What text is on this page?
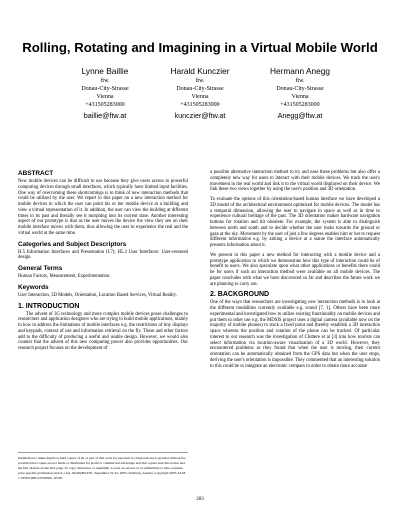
Rolling, Rotating and Imagining in a Virtual Mobile World
Lynne Baillie
ftw.
Donau-City-Strasse
Vienna
+431505283000
baillie@ftw.at
Harald Kunczier
ftw.
Donau-City-Strasse
Vienna
+431505283000
kunczier@ftw.at
Hermann Anegg
ftw.
Donau-City-Strasse
Vienna
+431505283000
Anegg@ftw.at
ABSTRACT

New mobile devices can be difficult to use because they give users access to powerful computing devices through small interfaces, which typically have limited input facilities. One way of overcoming these shortcomings is to think of new interaction methods that could be utilized by the user. We report in this paper on a new interaction method for mobile devices in which the user can point his or her mobile device at a building and view a virtual representation of it. In addition, the user can view the building at different times in its past and literally see it morphing into its current state. Another interesting aspect of our prototype is that as the user moves the device the view they see on their mobile interface moves with them, thus allowing the user to experience the real and the virtual world at the same time.

Categories and Subject Descriptors

H.5 Information Interfaces and Presentation (I.7); H5.2 User Interfaces: User-centered design.

General Terms

Human Factors, Measurement, Experimentation.

Keywords

User Interaction, 3D Models, Orientation, Location Based Services, Virtual Reality.

1. INTRODUCTION

The advent of 3G technology and more complex mobile devices poses challenges to researchers and application designers who are trying to build mobile applications, mainly in how to address the limitations of mobile interfaces e.g. the restrictions of tiny displays and keypads, context of use and information retrieval on the fly. These and other factors add to the difficulty of producing a useful and usable design. However, we would also counter that the advent of this new computing power also provides opportunities. Our research project focuses on the development of

Permission to make digital or hard copies of all or part of this work for personal or classroom use is granted without fee provided that copies are not made or distributed for profit or commercial advantage and that copies bear this notice and the full citation on the first page. To copy otherwise, or republish, to post on servers or to redistribute to lists, requires prior specific permission and/or a fee. MobileHCI'05, September 19-22, 2005, Salzburg, Austria. Copyright 2005 ACM 1-59593-089-2/05/0009...$5.00.

a possible alternative interaction method to try and ease these problems but also offer a completely new way for users to interact with their mobile devices. We track the user's movement in the real world and link it to the virtual world displayed on their device. We link these two views together by using the user's position and 3D orientation.

To evaluate the options of this orientation-based human interface we have developed a 3D model of the architectural environment optimized for mobile devices. The model has a temporal dimension, allowing the user to navigate in space as well as in time to experience cultural heritage of the past. The 3D orientation maker hardware navigation buttons for rotation and tilt obsolete. For example, the system is able to distinguish between north and south and to decide whether the user looks towards the ground or gaze at the sky. Movement by the user of just a few degrees enables him or her to request different information e.g. by aiming a device at a statue the interface automatically presents information about it.

We present in this paper a new method for interacting with a mobile device and a prototype application in which we demonstrate how this type of interaction could be of benefit to users. We also speculate upon what other applications or benefits there could be for users if such an interaction method were available on all mobile devices. The paper concludes with what we have discovered so far and describes the future work we are planning to carry out.

2. BACKGROUND

One of the ways that researchers are investigating new interaction methods is to look at the different modalities currently available e.g. sound [7, 1]. Others have been more experimental and investigated how to utilize existing functionality on mobile devices and put them to other use e.g. the MDSIS project uses a digital camera (available now on the majority of mobile phones) to track a fixed point and thereby establish a 3D interaction space whereas the position and rotation of the phone can be tracked. Of particular interest to our research was the investigation of Cluttere et al [3] into how tourists can select information via location-aware visualization of a 3D world. However, they encountered problems as they found that when the user is moving, their current orientation can be automatically obtained from the GPS data but when the user stops, deriving the user's orientation is impossible. They commented that an interesting solution to this could be to integrate an electronic compass in order to obtain more accurate

283
